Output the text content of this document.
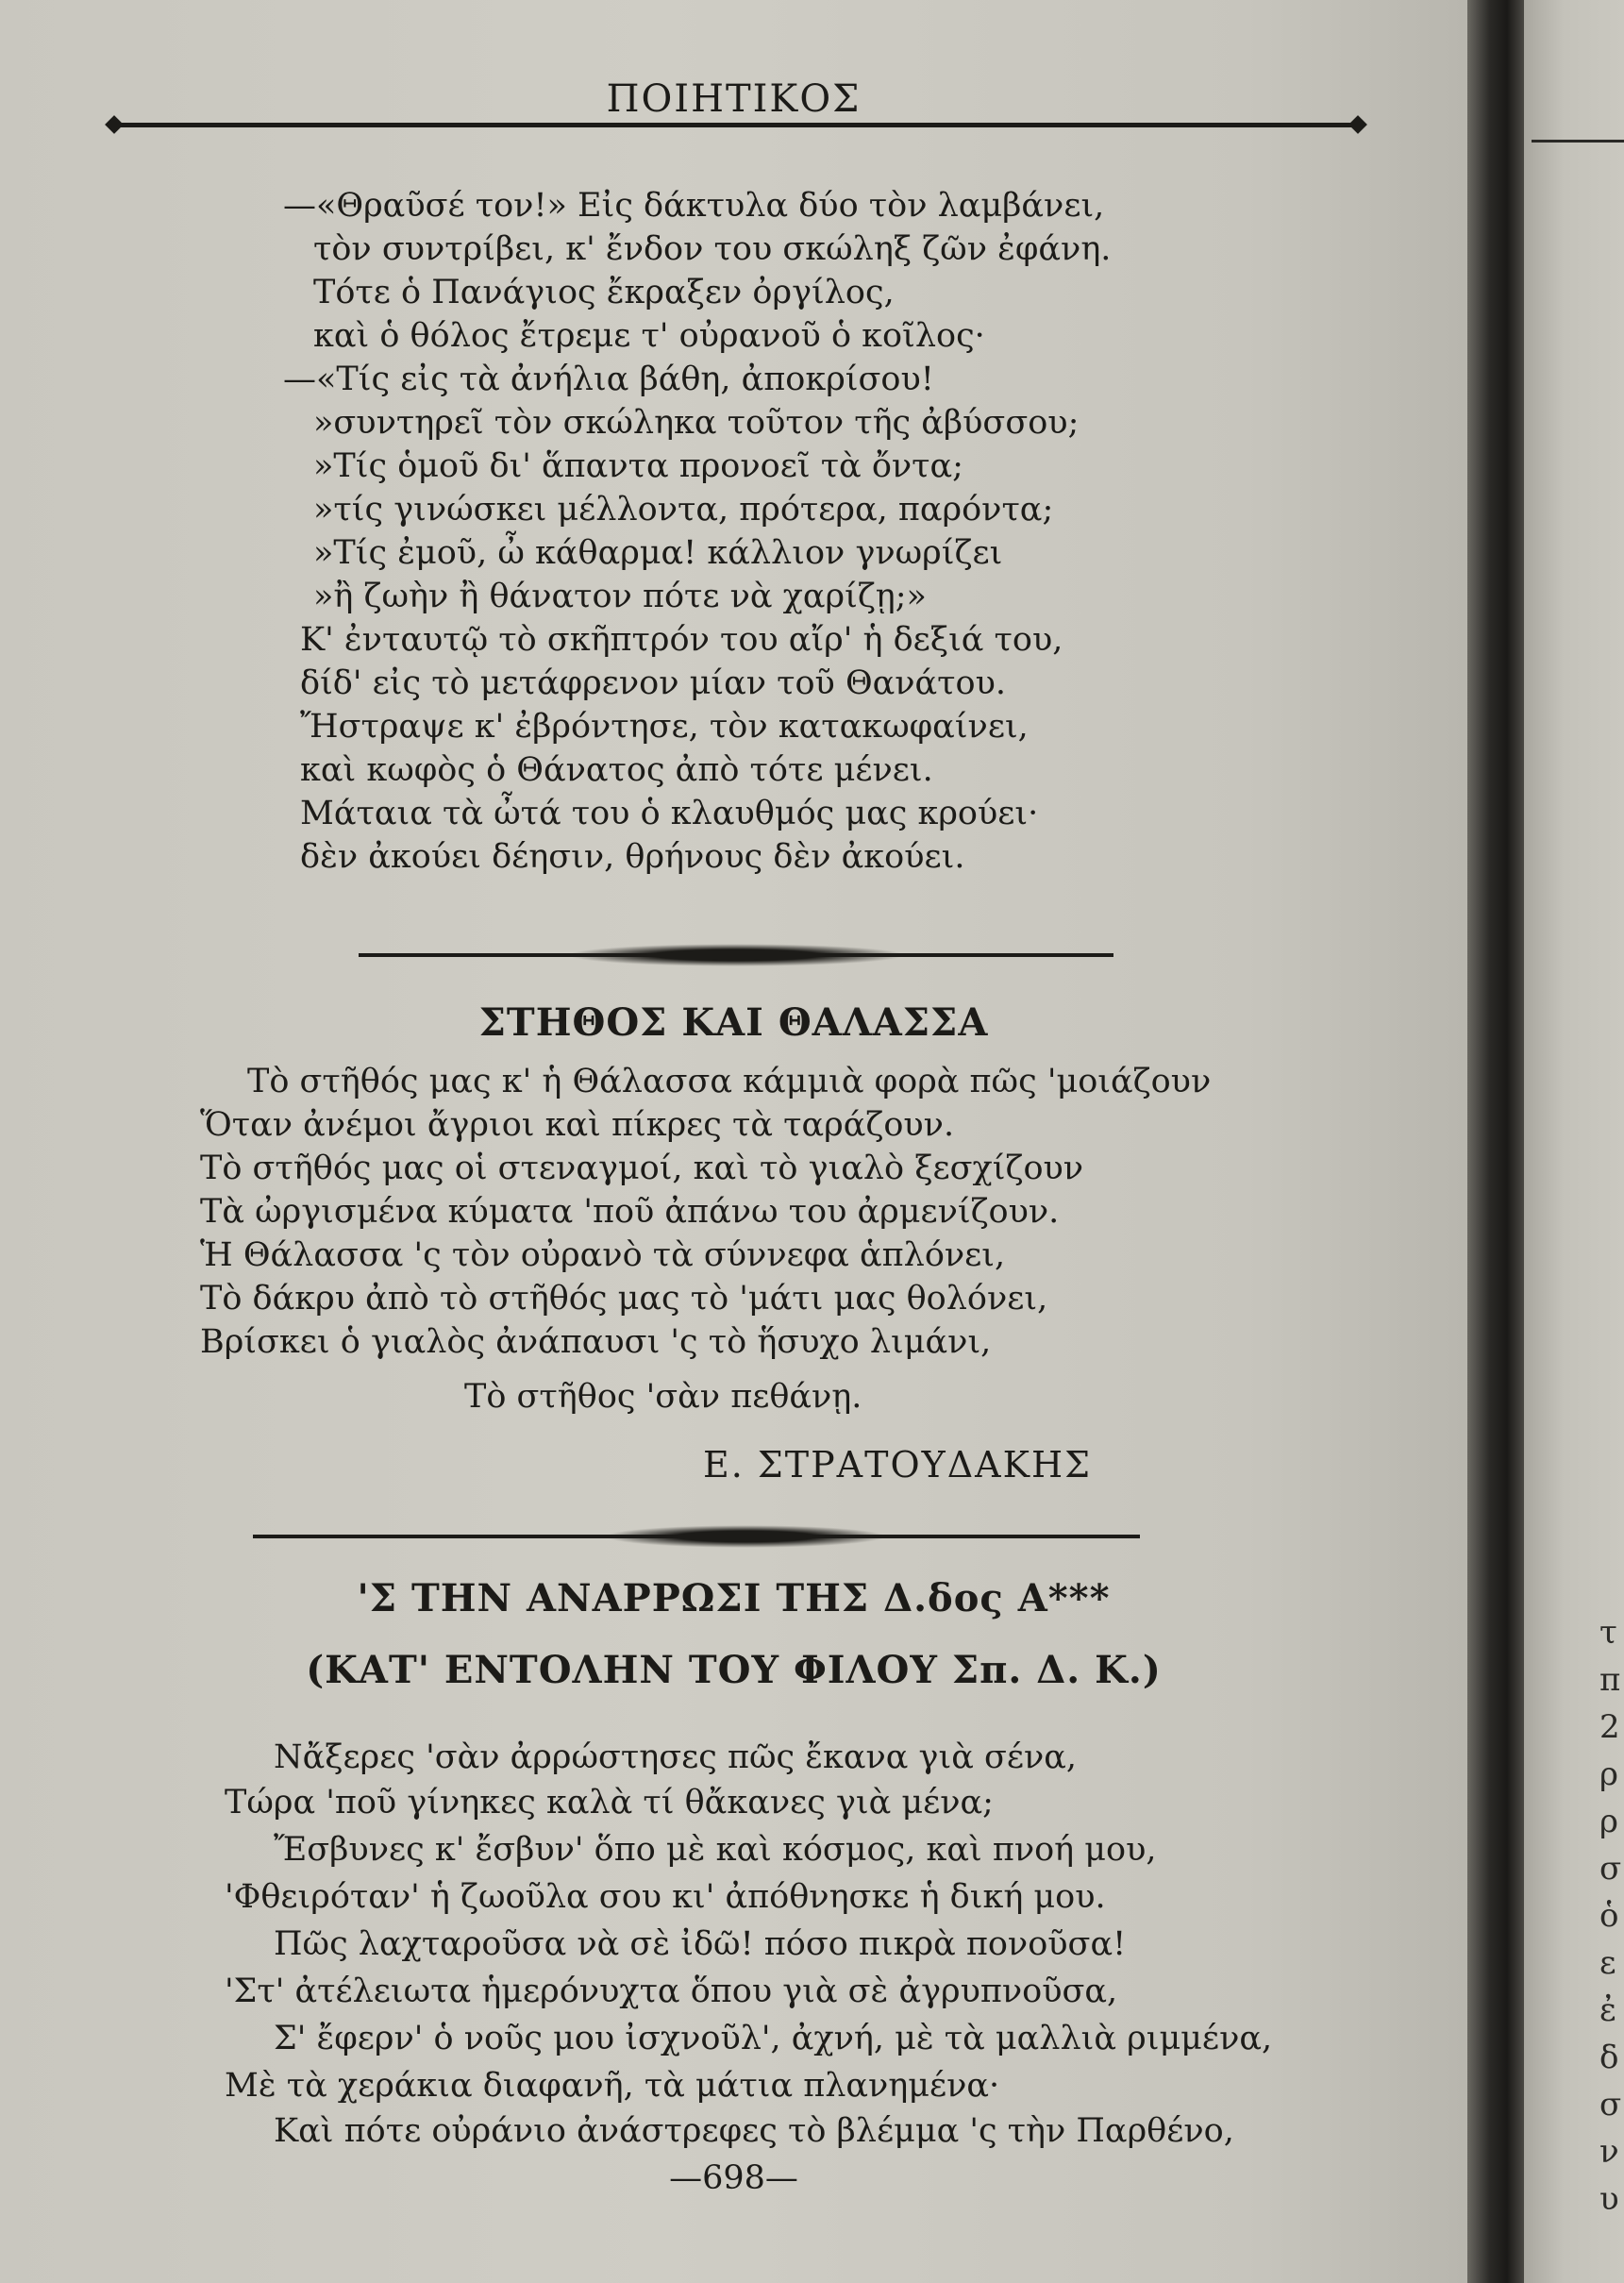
ΠΟΙΗΤΙΚΟΣ
—«Θραῦσέ τον!» Εἰς δάκτυλα δύο τὸν λαμβάνει,
τὸν συντρίβει, κ' ἔνδον του σκώληξ ζῶν ἐφάνη.
Τότε ὁ Πανάγιος ἔκραξεν ὀργίλος,
καὶ ὁ θόλος ἔτρεμε τ' οὐρανοῦ ὁ κοῖλος·
—«Τίς εἰς τὰ ἀνήλια βάθη, ἀποκρίσου!
»συντηρεῖ τὸν σκώληκα τοῦτον τῆς ἀβύσσου;
»Τίς ὁμοῦ δι' ἅπαντα προνοεῖ τὰ ὄντα;
»τίς γινώσκει μέλλοντα, πρότερα, παρόντα;
»Τίς ἐμοῦ, ὦ κάθαρμα! κάλλιον γνωρίζει
»ἢ ζωὴν ἢ θάνατον πότε νὰ χαρίζῃ;»
Κ' ἐνταυτῷ τὸ σκῆπτρόν του αἴρ' ἡ δεξιά του,
δίδ' εἰς τὸ μετάφρενον μίαν τοῦ Θανάτου.
Ἤστραψε κ' ἐβρόντησε, τὸν κατακωφαίνει,
καὶ κωφὸς ὁ Θάνατος ἀπὸ τότε μένει.
Μάταια τὰ ὦτά του ὁ κλαυθμός μας κρούει·
δὲν ἀκούει δέησιν, θρήνους δὲν ἀκούει.
ΣΤΗΘΟΣ ΚΑΙ ΘΑΛΑΣΣΑ
Τὸ στῆθός μας κ' ἡ Θάλασσα κάμμιὰ φορὰ πῶς 'μοιάζουν
Ὅταν ἀνέμοι ἄγριοι καὶ πίκρες τὰ ταράζουν.
Τὸ στῆθός μας οἱ στεναγμοί, καὶ τὸ γιαλὸ ξεσχίζουν
Τὰ ὠργισμένα κύματα 'ποῦ ἀπάνω του ἀρμενίζουν.
Ἡ Θάλασσα 'ς τὸν οὐρανὸ τὰ σύννεφα ἁπλόνει,
Τὸ δάκρυ ἀπὸ τὸ στῆθός μας τὸ 'μάτι μας θολόνει,
Βρίσκει ὁ γιαλὸς ἀνάπαυσι 'ς τὸ ἥσυχο λιμάνι,
Τὸ στῆθος 'σὰν πεθάνῃ.
Ε. ΣΤΡΑΤΟΥΔΑΚΗΣ
'Σ ΤΗΝ ΑΝΑΡΡΩΣΙ ΤΗΣ Δ.δος Α***
(ΚΑΤ' ΕΝΤΟΛΗΝ ΤΟΥ ΦΙΛΟΥ Σπ. Δ. Κ.)
Νἄξερες 'σὰν ἀρρώστησες πῶς ἔκανα γιὰ σένα,
Τώρα 'ποῦ γίνηκες καλὰ τί θἄκανες γιὰ μένα;
Ἔσβυνες κ' ἔσβυν' ὅπο μὲ καὶ κόσμος, καὶ πνοή μου,
'Φθειρόταν' ἡ ζωοῦλα σου κι' ἀπόθνησκε ἡ δική μου.
Πῶς λαχταροῦσα νὰ σὲ ἰδῶ! πόσο πικρὰ πονοῦσα!
'Στ' ἀτέλειωτα ἡμερόνυχτα ὅπου γιὰ σὲ ἀγρυπνοῦσα,
Σ' ἔφερν' ὁ νοῦς μου ἰσχνοῦλ', ἀχνή, μὲ τὰ μαλλιὰ ριμμένα,
Μὲ τὰ χεράκια διαφανῆ, τὰ μάτια πλανημένα·
Καὶ πότε οὐράνιο ἀνάστρεφες τὸ βλέμμα 'ς τὴν Παρθένο,
—698—
τ
π
2
ρ
ρ
σ
ὁ
ε
ἐ
δ
σ
ν
υ
